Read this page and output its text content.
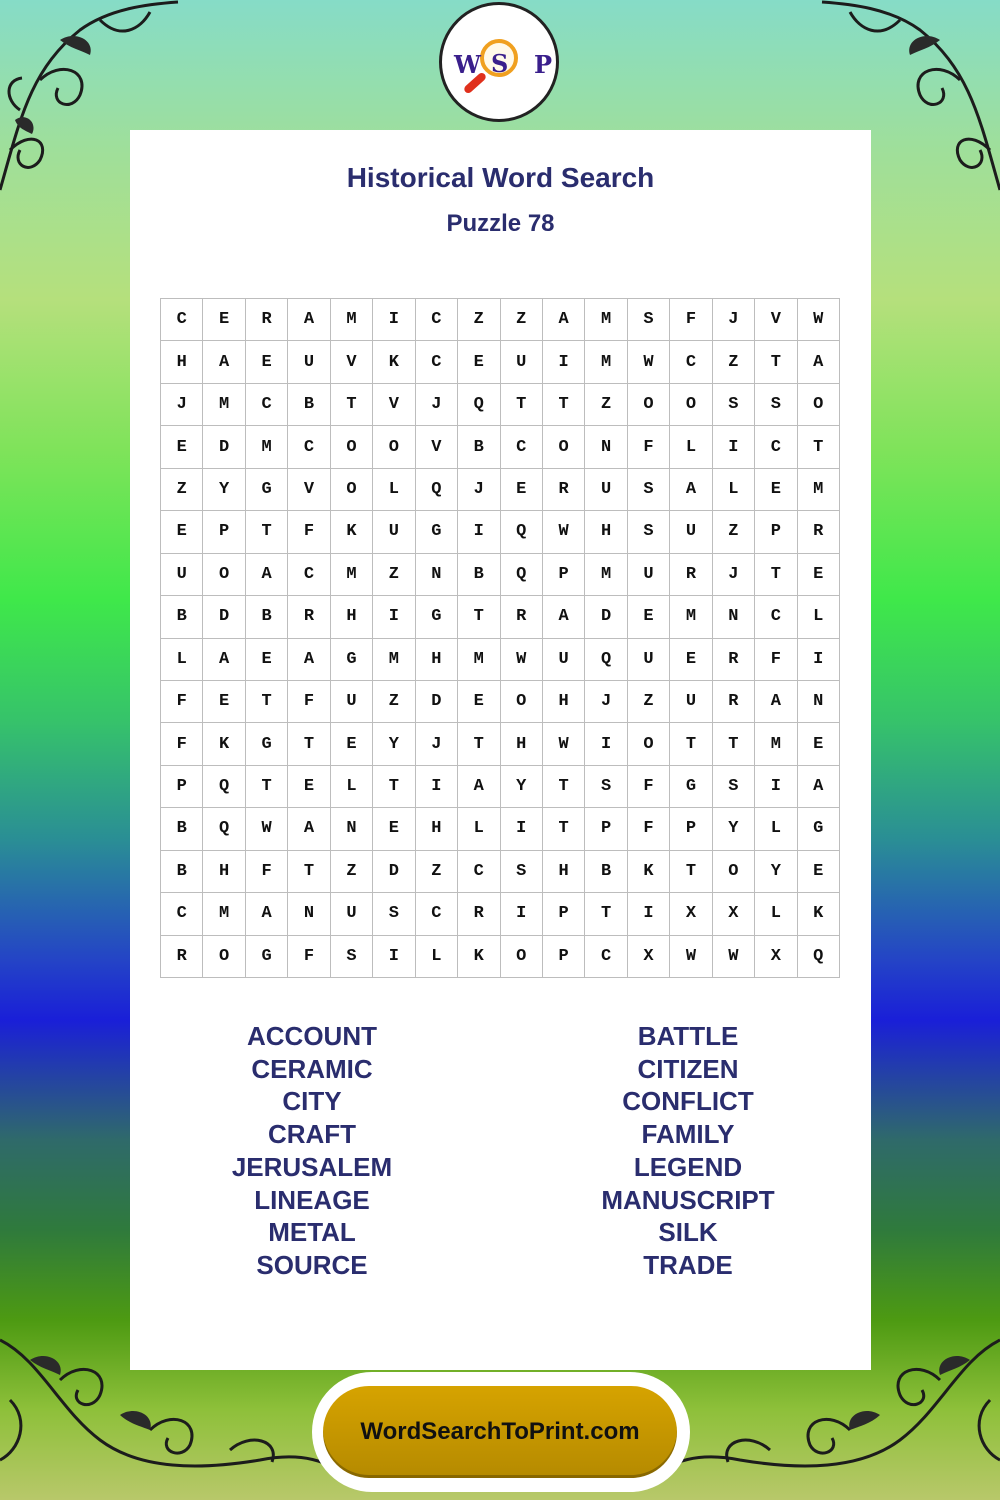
W S P
Historical Word Search
Puzzle 78
C	E	R	A	M	I	C	Z	Z	A	M	S	F	J	V	W
H	A	E	U	V	K	C	E	U	I	M	W	C	Z	T	A
J	M	C	B	T	V	J	Q	T	T	Z	O	O	S	S	O
E	D	M	C	O	O	V	B	C	O	N	F	L	I	C	T
Z	Y	G	V	O	L	Q	J	E	R	U	S	A	L	E	M
E	P	T	F	K	U	G	I	Q	W	H	S	U	Z	P	R
U	O	A	C	M	Z	N	B	Q	P	M	U	R	J	T	E
B	D	B	R	H	I	G	T	R	A	D	E	M	N	C	L
L	A	E	A	G	M	H	M	W	U	Q	U	E	R	F	I
F	E	T	F	U	Z	D	E	O	H	J	Z	U	R	A	N
F	K	G	T	E	Y	J	T	H	W	I	O	T	T	M	E
P	Q	T	E	L	T	I	A	Y	T	S	F	G	S	I	A
B	Q	W	A	N	E	H	L	I	T	P	F	P	Y	L	G
B	H	F	T	Z	D	Z	C	S	H	B	K	T	O	Y	E
C	M	A	N	U	S	C	R	I	P	T	I	X	X	L	K
R	O	G	F	S	I	L	K	O	P	C	X	W	W	X	Q
ACCOUNT
CERAMIC
CITY
CRAFT
JERUSALEM
LINEAGE
METAL
SOURCE
BATTLE
CITIZEN
CONFLICT
FAMILY
LEGEND
MANUSCRIPT
SILK
TRADE
WordSearchToPrint.com
